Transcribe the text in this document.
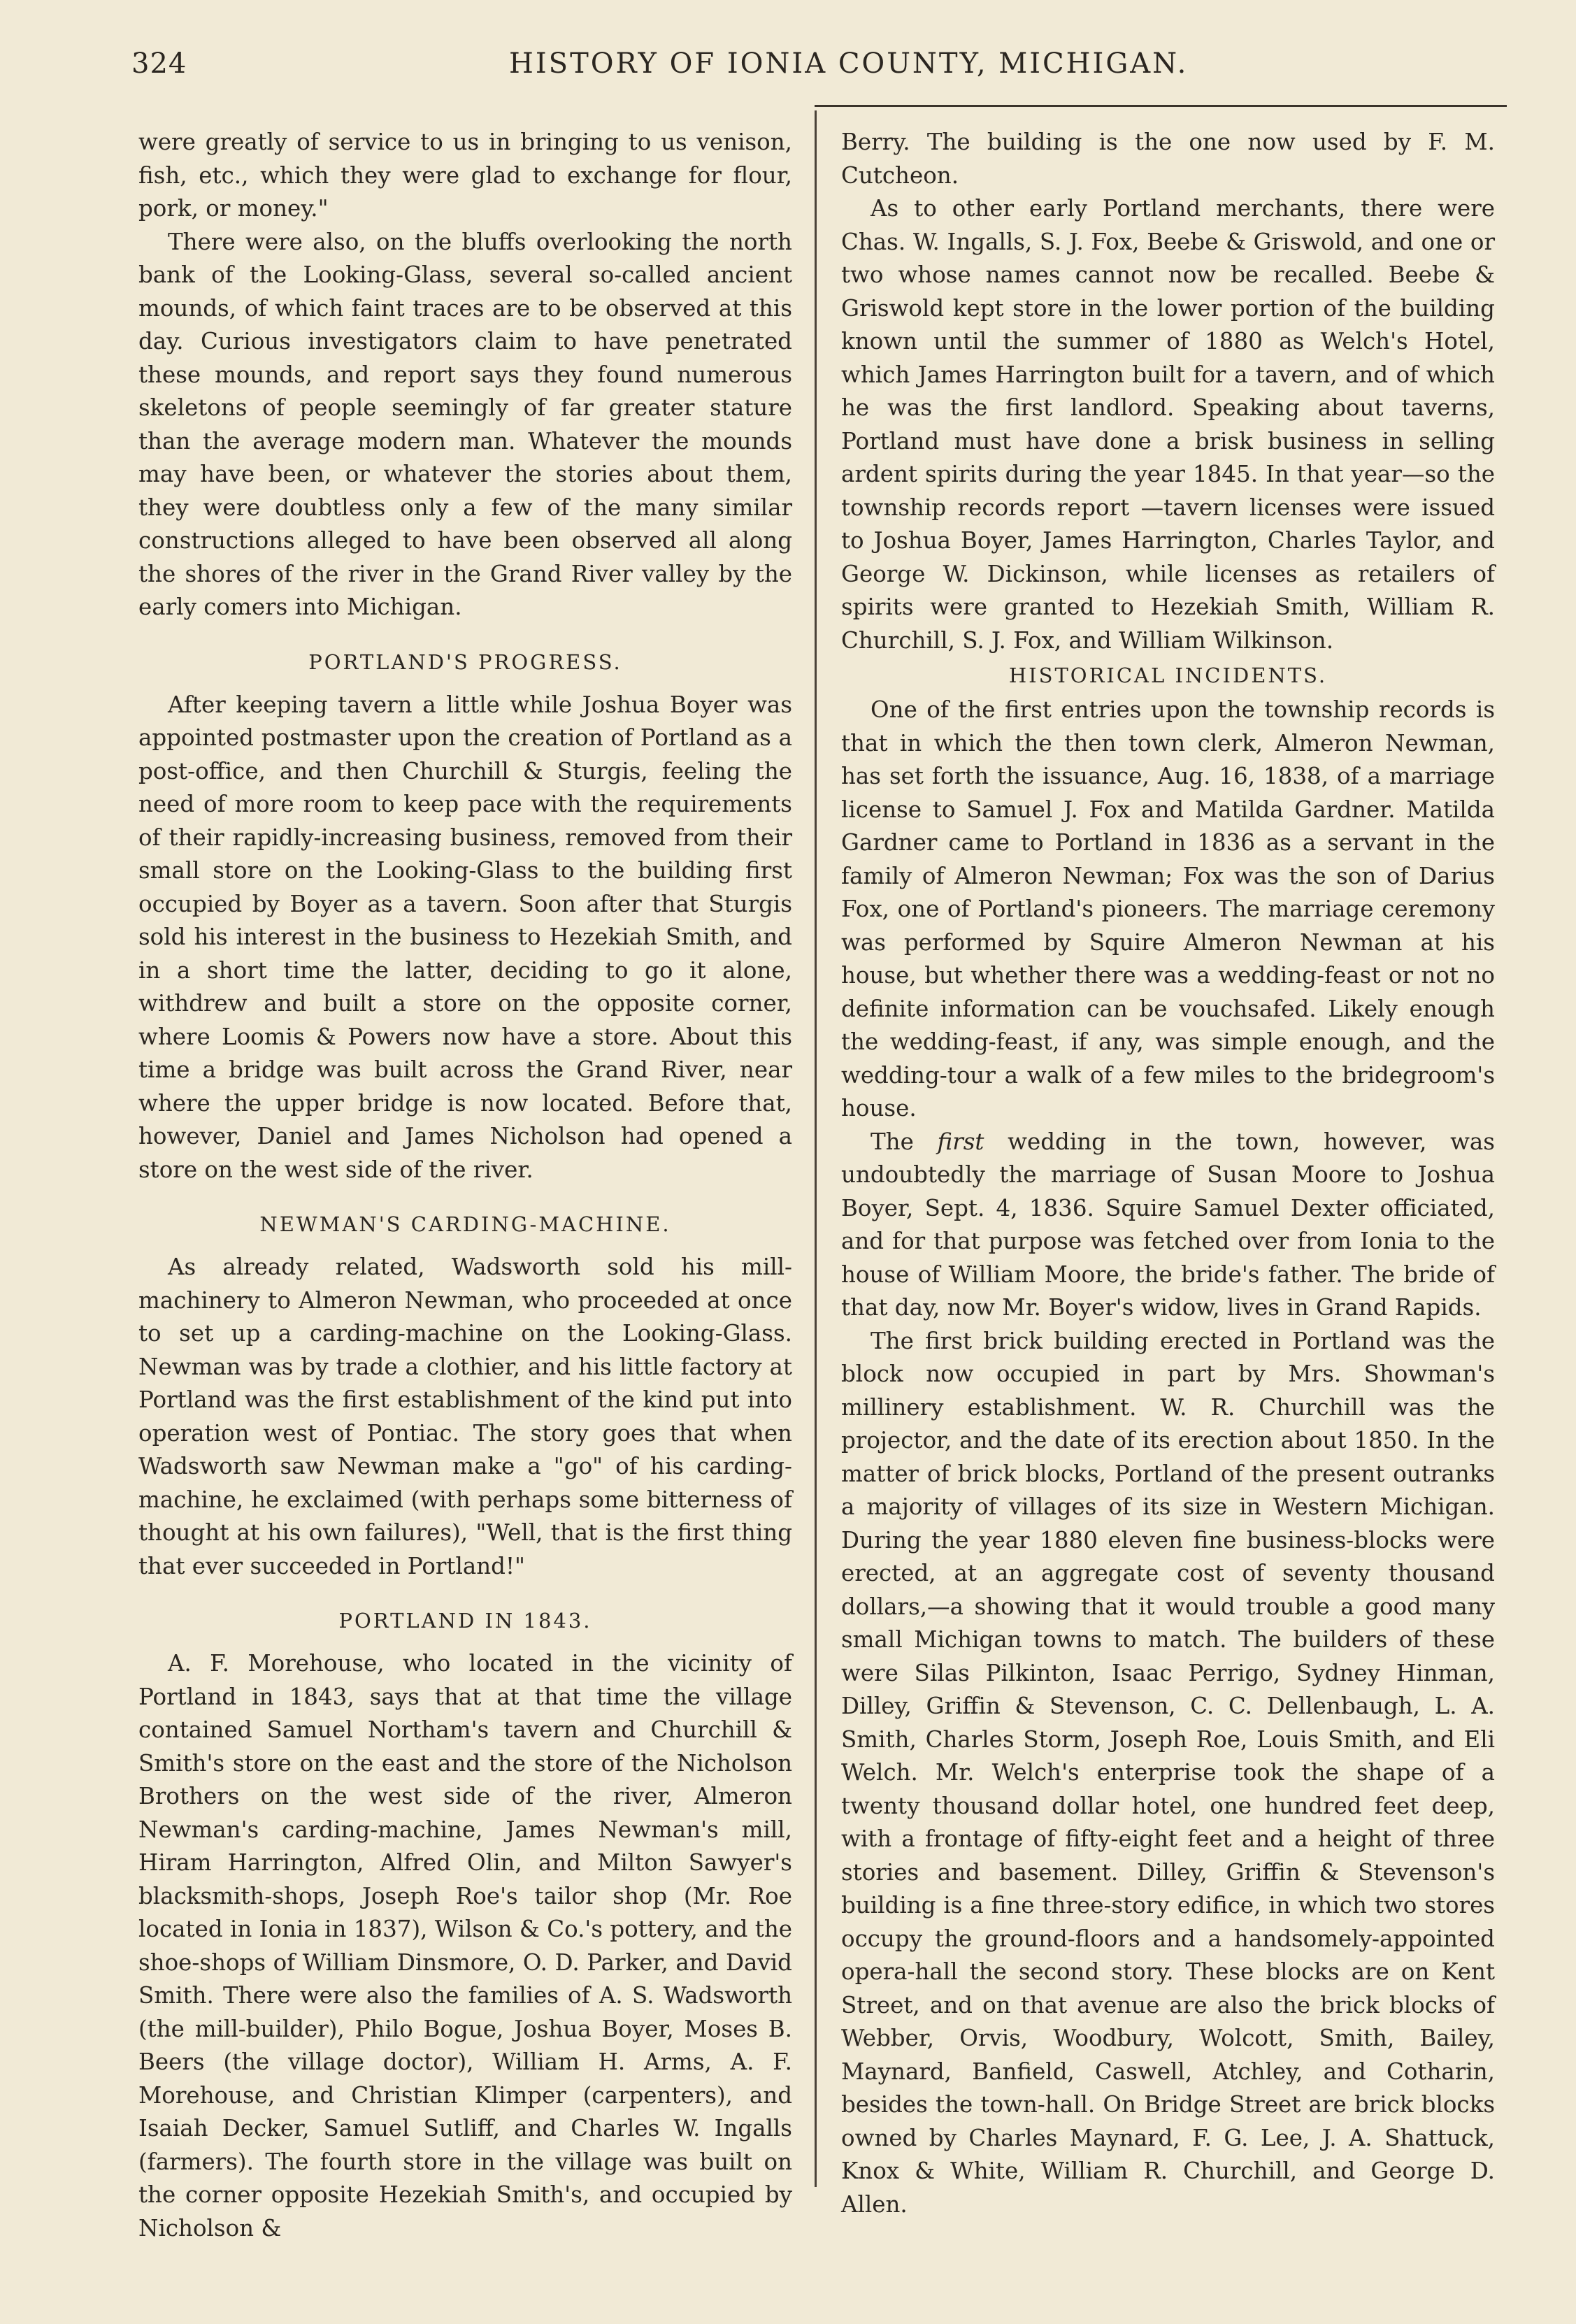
324	HISTORY OF IONIA COUNTY, MICHIGAN.

were greatly of service to us in bringing to us venison, fish, etc., which they were glad to exchange for flour, pork, or money."

There were also, on the bluffs overlooking the north bank of the Looking-Glass, several so-called ancient mounds, of which faint traces are to be observed at this day. Curious investigators claim to have penetrated these mounds, and report says they found numerous skeletons of people seemingly of far greater stature than the average modern man. Whatever the mounds may have been, or whatever the stories about them, they were doubtless only a few of the many similar constructions alleged to have been observed all along the shores of the river in the Grand River valley by the early comers into Michigan.

PORTLAND'S PROGRESS.

After keeping tavern a little while Joshua Boyer was appointed postmaster upon the creation of Portland as a post-office, and then Churchill & Sturgis, feeling the need of more room to keep pace with the requirements of their rapidly-increasing business, removed from their small store on the Looking-Glass to the building first occupied by Boyer as a tavern. Soon after that Sturgis sold his interest in the business to Hezekiah Smith, and in a short time the latter, deciding to go it alone, withdrew and built a store on the opposite corner, where Loomis & Powers now have a store. About this time a bridge was built across the Grand River, near where the upper bridge is now located. Before that, however, Daniel and James Nicholson had opened a store on the west side of the river.

NEWMAN'S CARDING-MACHINE.

As already related, Wadsworth sold his mill-machinery to Almeron Newman, who proceeded at once to set up a carding-machine on the Looking-Glass. Newman was by trade a clothier, and his little factory at Portland was the first establishment of the kind put into operation west of Pontiac. The story goes that when Wadsworth saw Newman make a "go" of his carding-machine, he exclaimed (with perhaps some bitterness of thought at his own failures), "Well, that is the first thing that ever succeeded in Portland!"

PORTLAND IN 1843.

A. F. Morehouse, who located in the vicinity of Portland in 1843, says that at that time the village contained Samuel Northam's tavern and Churchill & Smith's store on the east and the store of the Nicholson Brothers on the west side of the river, Almeron Newman's carding-machine, James Newman's mill, Hiram Harrington, Alfred Olin, and Milton Sawyer's blacksmith-shops, Joseph Roe's tailor shop (Mr. Roe located in Ionia in 1837), Wilson & Co.'s pottery, and the shoe-shops of William Dinsmore, O. D. Parker, and David Smith. There were also the families of A. S. Wadsworth (the mill-builder), Philo Bogue, Joshua Boyer, Moses B. Beers (the village doctor), William H. Arms, A. F. Morehouse, and Christian Klimper (carpenters), and Isaiah Decker, Samuel Sutliff, and Charles W. Ingalls (farmers). The fourth store in the village was built on the corner opposite Hezekiah Smith's, and occupied by Nicholson &

Berry. The building is the one now used by F. M. Cutcheon.

As to other early Portland merchants, there were Chas. W. Ingalls, S. J. Fox, Beebe & Griswold, and one or two whose names cannot now be recalled. Beebe & Griswold kept store in the lower portion of the building known until the summer of 1880 as Welch's Hotel, which James Harrington built for a tavern, and of which he was the first landlord. Speaking about taverns, Portland must have done a brisk business in selling ardent spirits during the year 1845. In that year—so the township records report —tavern licenses were issued to Joshua Boyer, James Harrington, Charles Taylor, and George W. Dickinson, while licenses as retailers of spirits were granted to Hezekiah Smith, William R. Churchill, S. J. Fox, and William Wilkinson.

HISTORICAL INCIDENTS.

One of the first entries upon the township records is that in which the then town clerk, Almeron Newman, has set forth the issuance, Aug. 16, 1838, of a marriage license to Samuel J. Fox and Matilda Gardner. Matilda Gardner came to Portland in 1836 as a servant in the family of Almeron Newman; Fox was the son of Darius Fox, one of Portland's pioneers. The marriage ceremony was performed by Squire Almeron Newman at his house, but whether there was a wedding-feast or not no definite information can be vouchsafed. Likely enough the wedding-feast, if any, was simple enough, and the wedding-tour a walk of a few miles to the bridegroom's house.

The first wedding in the town, however, was undoubtedly the marriage of Susan Moore to Joshua Boyer, Sept. 4, 1836. Squire Samuel Dexter officiated, and for that purpose was fetched over from Ionia to the house of William Moore, the bride's father. The bride of that day, now Mr. Boyer's widow, lives in Grand Rapids.

The first brick building erected in Portland was the block now occupied in part by Mrs. Showman's millinery establishment. W. R. Churchill was the projector, and the date of its erection about 1850. In the matter of brick blocks, Portland of the present outranks a majority of villages of its size in Western Michigan. During the year 1880 eleven fine business-blocks were erected, at an aggregate cost of seventy thousand dollars,—a showing that it would trouble a good many small Michigan towns to match. The builders of these were Silas Pilkinton, Isaac Perrigo, Sydney Hinman, Dilley, Griffin & Stevenson, C. C. Dellenbaugh, L. A. Smith, Charles Storm, Joseph Roe, Louis Smith, and Eli Welch. Mr. Welch's enterprise took the shape of a twenty thousand dollar hotel, one hundred feet deep, with a frontage of fifty-eight feet and a height of three stories and basement. Dilley, Griffin & Stevenson's building is a fine three-story edifice, in which two stores occupy the ground-floors and a handsomely-appointed opera-hall the second story. These blocks are on Kent Street, and on that avenue are also the brick blocks of Webber, Orvis, Woodbury, Wolcott, Smith, Bailey, Maynard, Banfield, Caswell, Atchley, and Cotharin, besides the town-hall. On Bridge Street are brick blocks owned by Charles Maynard, F. G. Lee, J. A. Shattuck, Knox & White, William R. Churchill, and George D. Allen.
